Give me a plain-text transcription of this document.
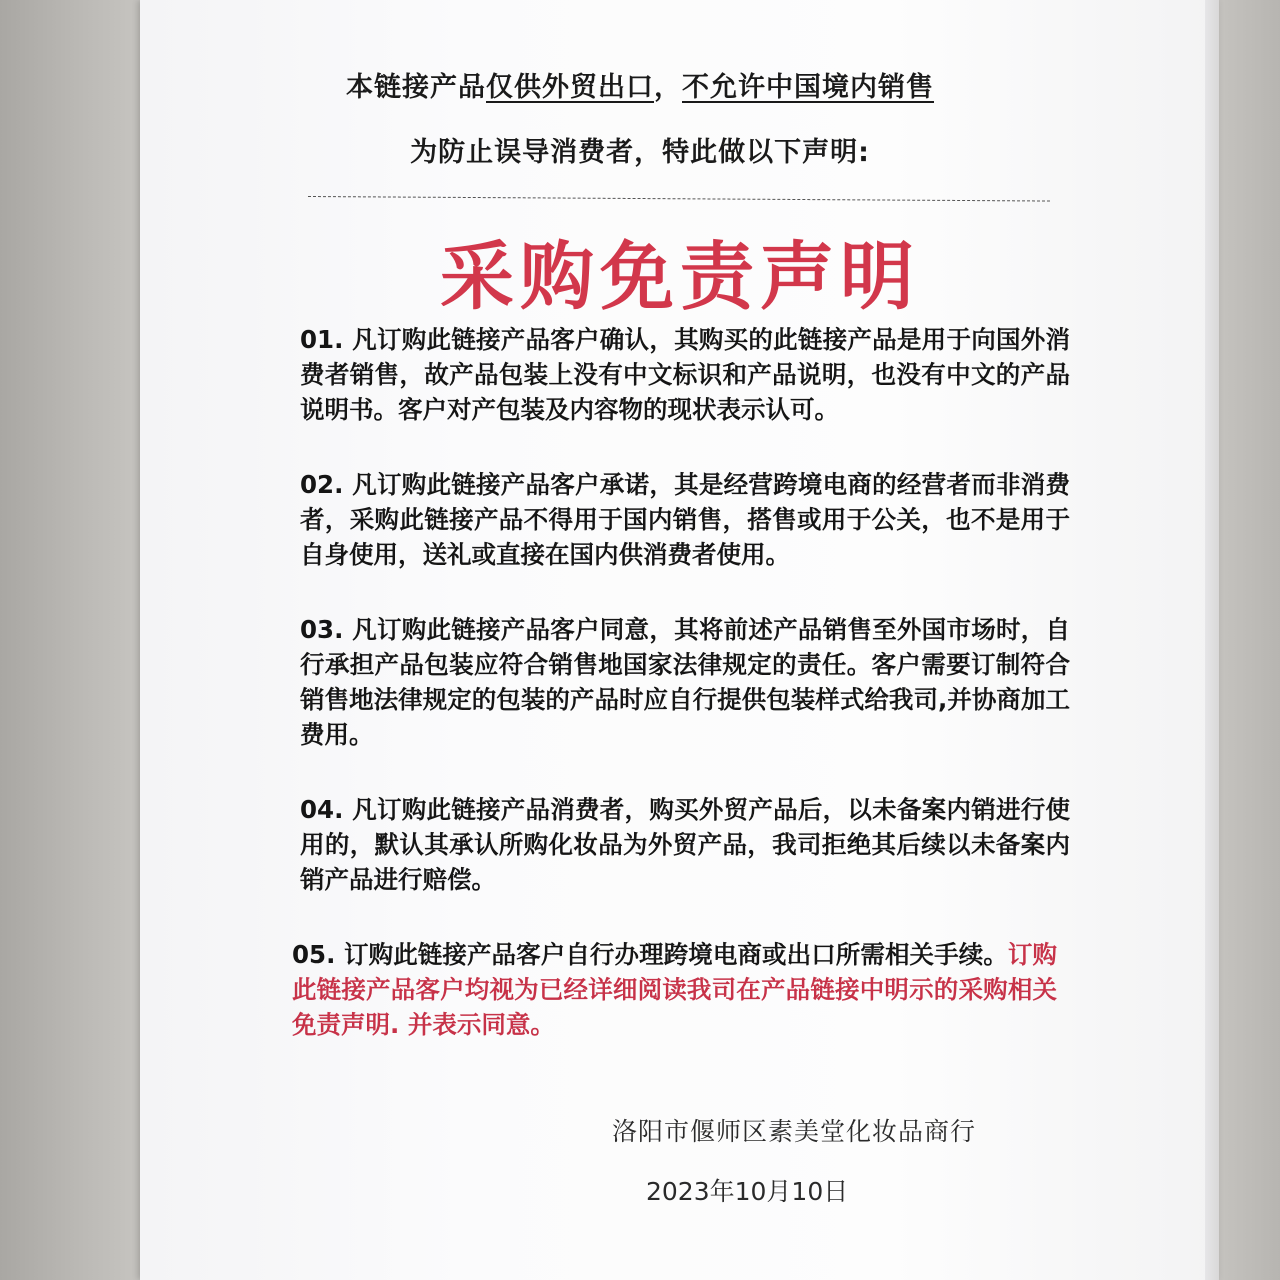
本链接产品仅供外贸出口，不允许中国境内销售
为防止误导消费者，特此做以下声明:
采购免责声明

01. 凡订购此链接产品客户确认，其购买的此链接产品是用于向国外消费者销售，故产品包装上没有中文标识和产品说明，也没有中文的产品说明书。客户对产包装及内容物的现状表示认可。

02. 凡订购此链接产品客户承诺，其是经营跨境电商的经营者而非消费者，采购此链接产品不得用于国内销售，搭售或用于公关，也不是用于自身使用，送礼或直接在国内供消费者使用。

03. 凡订购此链接产品客户同意，其将前述产品销售至外国市场时，自行承担产品包装应符合销售地国家法律规定的责任。客户需要订制符合销售地法律规定的包装的产品时应自行提供包装样式给我司,并协商加工费用。

04. 凡订购此链接产品消费者，购买外贸产品后，以未备案内销进行使用的，默认其承认所购化妆品为外贸产品，我司拒绝其后续以未备案内销产品进行赔偿。

05. 订购此链接产品客户自行办理跨境电商或出口所需相关手续。订购此链接产品客户均视为已经详细阅读我司在产品链接中明示的采购相关免责声明. 并表示同意。

洛阳市偃师区素美堂化妆品商行
2023年10月10日
